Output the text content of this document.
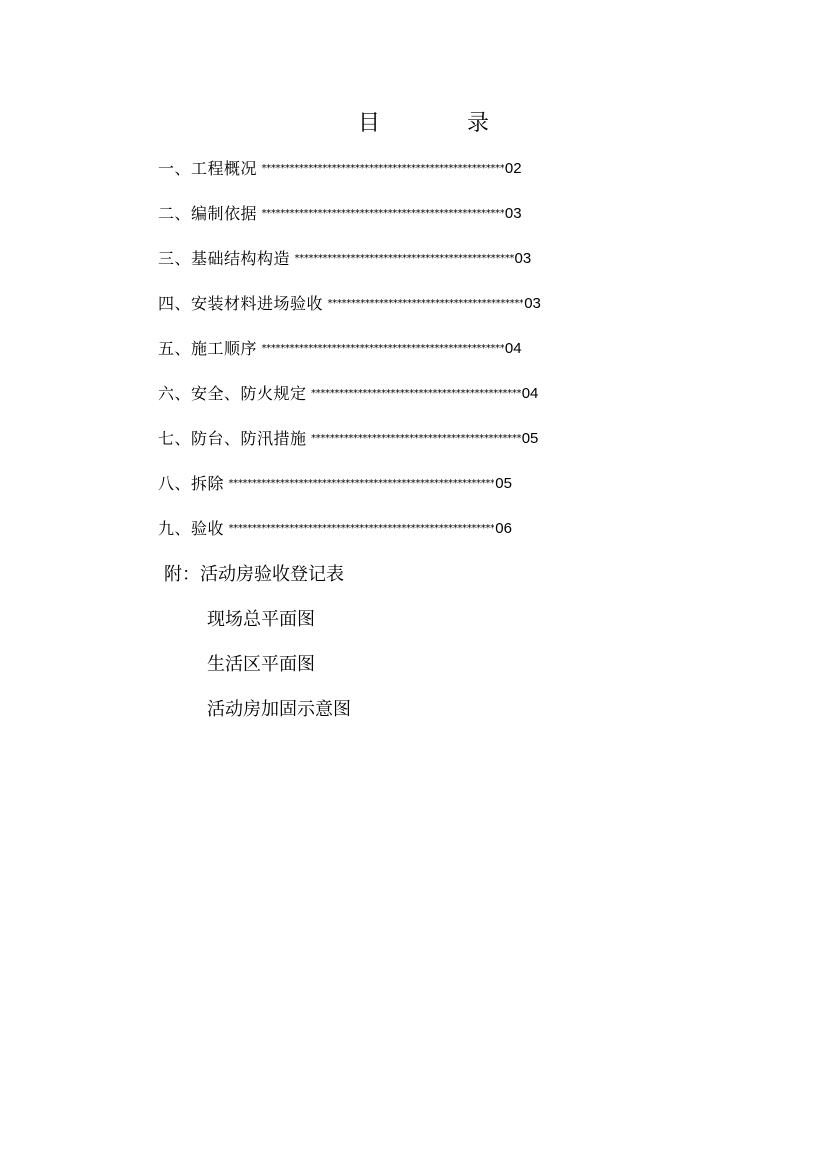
目	录
一、工程概况 **************************************************** 02
二、编制依据 **************************************************** 03
三、基础结构构造 *********************************************** 03
四、安装材料进场验收 ****************************************** 03
五、施工顺序 **************************************************** 04
六、安全、防火规定 ********************************************* 04
七、防台、防汛措施 ********************************************* 05
八、拆除 ********************************************************* 05
九、验收 ********************************************************* 06
附：活动房验收登记表
现场总平面图
生活区平面图
活动房加固示意图
